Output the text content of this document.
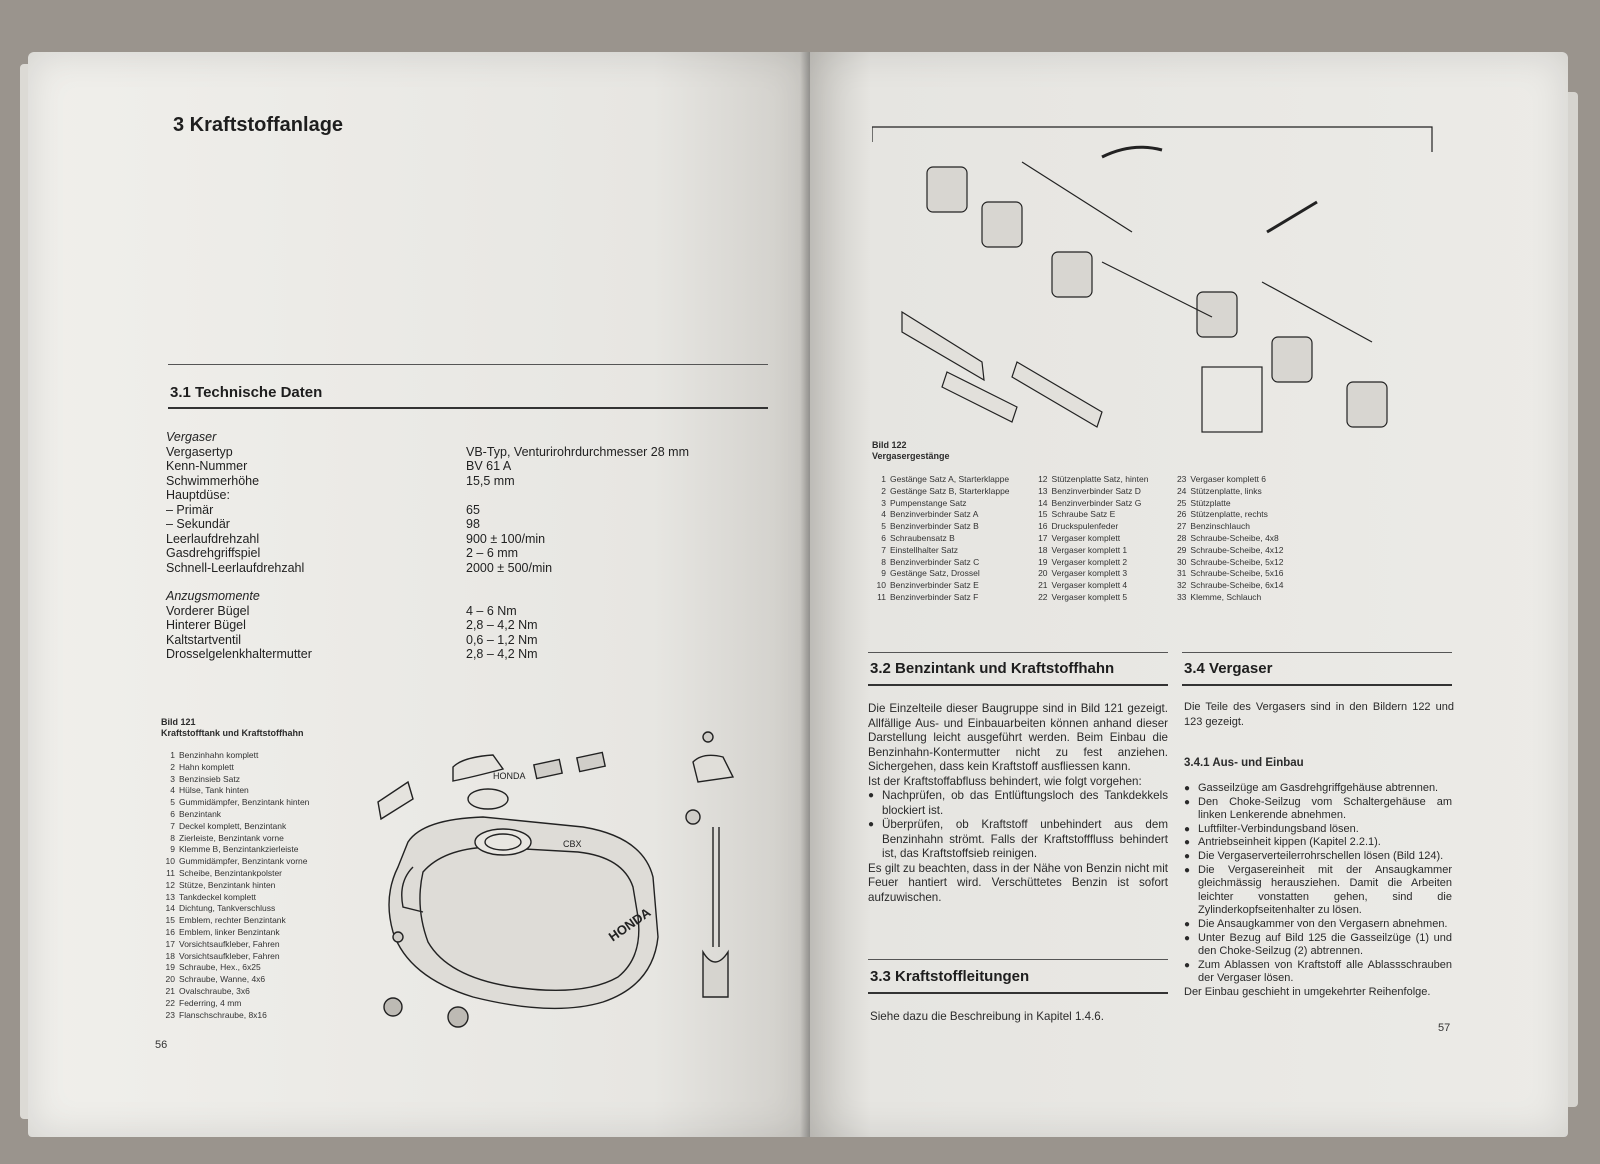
3 Kraftstoffanlage
3.1 Technische Daten
Vergaser
Vergasertyp	VB-Typ, Venturirohrdurchmesser 28 mm
Kenn-Nummer	BV 61 A
Schwimmerhöhe	15,5 mm
Hauptdüse:
– Primär	65
– Sekundär	98
Leerlaufdrehzahl	900 ± 100/min
Gasdrehgriffspiel	2 – 6 mm
Schnell-Leerlaufdrehzahl	2000 ± 500/min
Anzugsmomente
Vorderer Bügel	4 – 6 Nm
Hinterer Bügel	2,8 – 4,2 Nm
Kaltstartventil	0,6 – 1,2 Nm
Drosselgelenkhaltermutter	2,8 – 4,2 Nm
Bild 121
Kraftstofftank und Kraftstoffhahn
1 Benzinhahn komplett
2 Hahn komplett
3 Benzinsieb Satz
4 Hülse, Tank hinten
5 Gummidämpfer, Benzintank hinten
6 Benzintank
7 Deckel komplett, Benzintank
8 Zierleiste, Benzintank vorne
9 Klemme B, Benzintankzierleiste
10 Gummidämpfer, Benzintank vorne
11 Scheibe, Benzintankpolster
12 Stütze, Benzintank hinten
13 Tankdeckel komplett
14 Dichtung, Tankverschluss
15 Emblem, rechter Benzintank
16 Emblem, linker Benzintank
17 Vorsichtsaufkleber, Fahren
18 Vorsichtsaufkleber, Fahren
19 Schraube, Hex., 6x25
20 Schraube, Wanne, 4x6
21 Ovalschraube, 3x6
22 Federring, 4 mm
23 Flanschschraube, 8x16
HONDA
CBX
HONDA
56
Bild 122
Vergasergestänge
1 Gestänge Satz A, Starterklappe
2 Gestänge Satz B, Starterklappe
3 Pumpenstange Satz
4 Benzinverbinder Satz A
5 Benzinverbinder Satz B
6 Schraubensatz B
7 Einstellhalter Satz
8 Benzinverbinder Satz C
9 Gestänge Satz, Drossel
10 Benzinverbinder Satz E
11 Benzinverbinder Satz F
12 Stützenplatte Satz, hinten
13 Benzinverbinder Satz D
14 Benzinverbinder Satz G
15 Schraube Satz E
16 Druckspulenfeder
17 Vergaser komplett
18 Vergaser komplett 1
19 Vergaser komplett 2
20 Vergaser komplett 3
21 Vergaser komplett 4
22 Vergaser komplett 5
23 Vergaser komplett 6
24 Stützenplatte, links
25 Stützplatte
26 Stützenplatte, rechts
27 Benzinschlauch
28 Schraube-Scheibe, 4x8
29 Schraube-Scheibe, 4x12
30 Schraube-Scheibe, 5x12
31 Schraube-Scheibe, 5x16
32 Schraube-Scheibe, 6x14
33 Klemme, Schlauch
3.2 Benzintank und Kraftstoffhahn
Die Einzelteile dieser Baugruppe sind in Bild 121 gezeigt. Allfällige Aus- und Einbauarbeiten können anhand dieser Darstellung leicht ausgeführt werden. Beim Einbau die Benzinhahn-Kontermutter nicht zu fest anziehen. Sichergehen, dass kein Kraftstoff ausfliessen kann.
Ist der Kraftstoffabfluss behindert, wie folgt vorgehen:
● Nachprüfen, ob das Entlüftungsloch des Tankdekkels blockiert ist.
● Überprüfen, ob Kraftstoff unbehindert aus dem Benzinhahn strömt. Falls der Kraftstofffluss behindert ist, das Kraftstoffsieb reinigen.
Es gilt zu beachten, dass in der Nähe von Benzin nicht mit Feuer hantiert wird. Verschüttetes Benzin ist sofort aufzuwischen.
3.3 Kraftstoffleitungen
Siehe dazu die Beschreibung in Kapitel 1.4.6.
3.4 Vergaser
Die Teile des Vergasers sind in den Bildern 122 und 123 gezeigt.
3.4.1 Aus- und Einbau
● Gasseilzüge am Gasdrehgriffgehäuse abtrennen.
● Den Choke-Seilzug vom Schaltergehäuse am linken Lenkerende abnehmen.
● Luftfilter-Verbindungsband lösen.
● Antriebseinheit kippen (Kapitel 2.2.1).
● Die Vergaserverteilerrohrschellen lösen (Bild 124).
● Die Vergasereinheit mit der Ansaugkammer gleichmässig herausziehen. Damit die Arbeiten leichter vonstatten gehen, sind die Zylinderkopfseitenhalter zu lösen.
● Die Ansaugkammer von den Vergasern abnehmen.
● Unter Bezug auf Bild 125 die Gasseilzüge (1) und den Choke-Seilzug (2) abtrennen.
● Zum Ablassen von Kraftstoff alle Ablassschrauben der Vergaser lösen.
Der Einbau geschieht in umgekehrter Reihenfolge.
57
